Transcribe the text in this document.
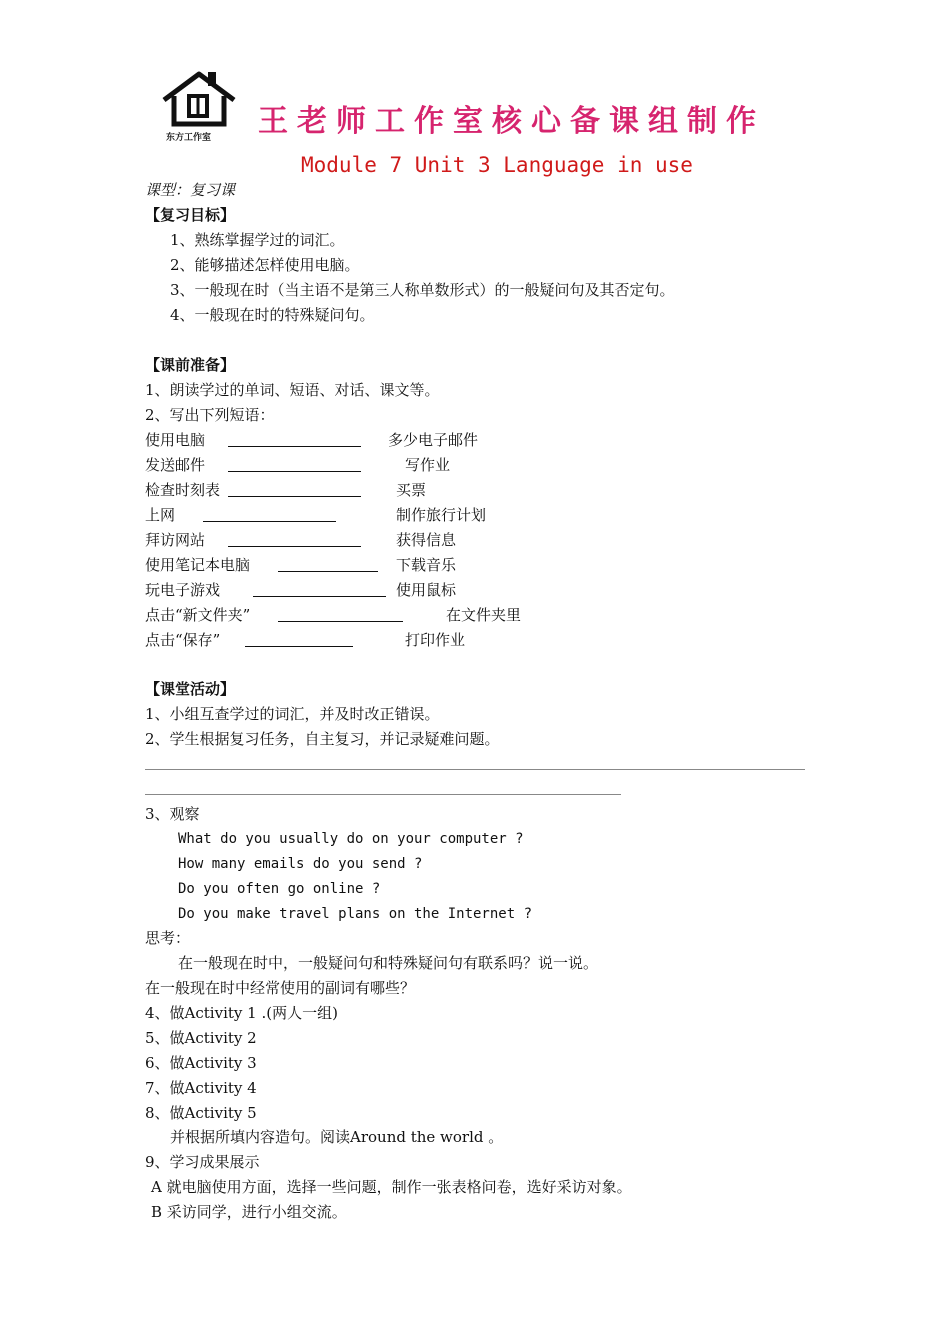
东方工作室 王老师工作室核心备课组制作
Module 7 Unit 3 Language in use
课型：复习课
【复习目标】
1、熟练掌握学过的词汇。
2、能够描述怎样使用电脑。
3、一般现在时（当主语不是第三人称单数形式）的一般疑问句及其否定句。
4、一般现在时的特殊疑问句。
【课前准备】
1、朗读学过的单词、短语、对话、课文等。
2、写出下列短语：
使用电脑	多少电子邮件
发送邮件	写作业
检查时刻表	买票
上网	制作旅行计划
拜访网站	获得信息
使用笔记本电脑	下载音乐
玩电子游戏	使用鼠标
点击“新文件夹”	在文件夹里
点击“保存”	打印作业
【课堂活动】
1、小组互查学过的词汇，并及时改正错误。
2、学生根据复习任务，自主复习，并记录疑难问题。
3、观察
What do you usually do on your computer ?
How many emails do you send ?
Do you often go online ?
Do you make travel plans on the Internet ?
思考：
在一般现在时中，一般疑问句和特殊疑问句有联系吗？说一说。
在一般现在时中经常使用的副词有哪些？
4、做Activity 1 .(两人一组)
5、做Activity 2
6、做Activity 3
7、做Activity 4
8、做Activity 5
并根据所填内容造句。阅读Around the world 。
9、学习成果展示
A 就电脑使用方面，选择一些问题，制作一张表格问卷，选好采访对象。
B 采访同学，进行小组交流。
